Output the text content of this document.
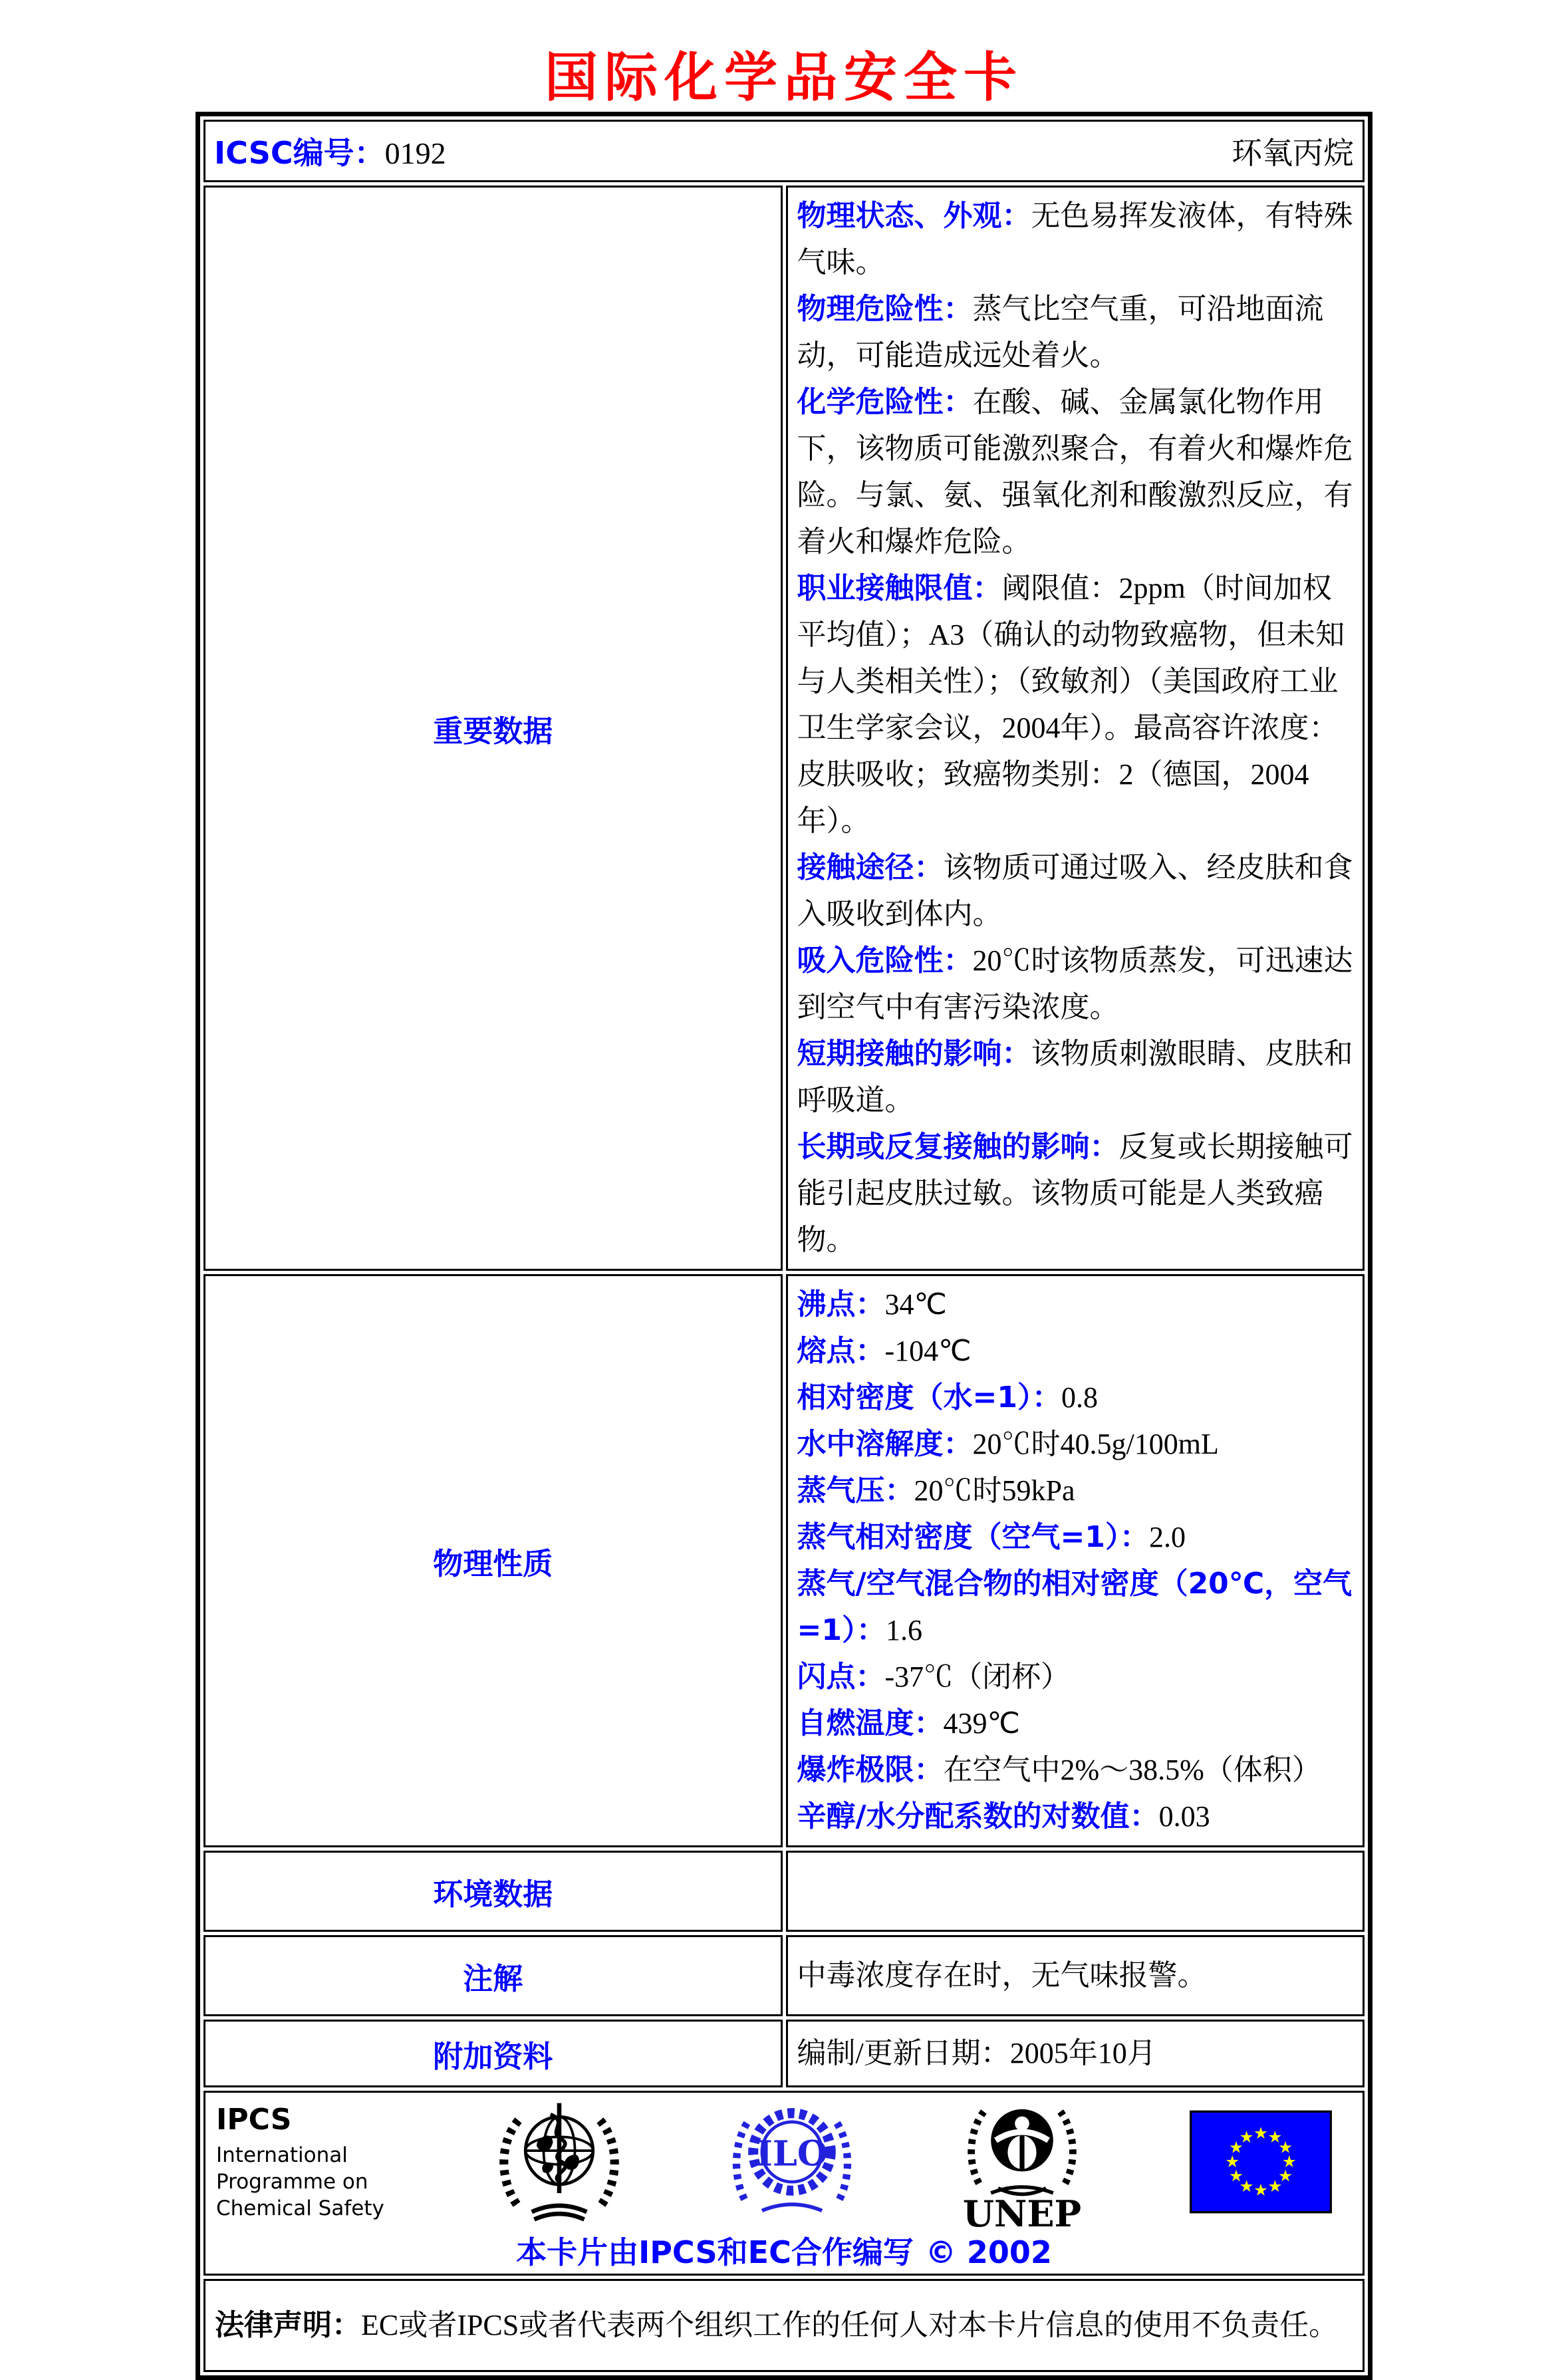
国际化学品安全卡
ICSC编号：0192 环氧丙烷	

重要数据	

物理状态、外观：无色易挥发液体，有特殊气味。

物理危险性：蒸气比空气重，可沿地面流动，可能造成远处着火。

化学危险性：在酸、碱、金属氯化物作用下，该物质可能激烈聚合，有着火和爆炸危险。与氯、氨、强氧化剂和酸激烈反应，有着火和爆炸危险。

职业接触限值：阈限值：2ppm（时间加权平均值）；A3（确认的动物致癌物，但未知与人类相关性）；（致敏剂）（美国政府工业卫生学家会议，2004年）。最高容许浓度：皮肤吸收；致癌物类别：2（德国，2004年）。

接触途径：该物质可通过吸入、经皮肤和食入吸收到体内。

吸入危险性：20℃时该物质蒸发，可迅速达到空气中有害污染浓度。

短期接触的影响：该物质刺激眼睛、皮肤和呼吸道。

长期或反复接触的影响：反复或长期接触可能引起皮肤过敏。该物质可能是人类致癌物。

物理性质	

沸点：34℃

熔点：-104℃

相对密度（水=1）：0.8

水中溶解度：20℃时40.5g/100mL

蒸气压：20℃时59kPa

蒸气相对密度（空气=1）：2.0

蒸气/空气混合物的相对密度（20℃，空气=1）：1.6

闪点：-37℃（闭杯）

自燃温度：439℃

爆炸极限：在空气中2%～38.5%（体积）

辛醇/水分配系数的对数值：0.03

环境数据	
注解	中毒浓度存在时，无气味报警。
附加资料	编制/更新日期：2005年10月

IPCS

International

Programme on

Chemical Safety

ILO
UNEP
本卡片由IPCS和EC合作编写 © 2002

法律声明：EC或者IPCS或者代表两个组织工作的任何人对本卡片信息的使用不负责任。	
